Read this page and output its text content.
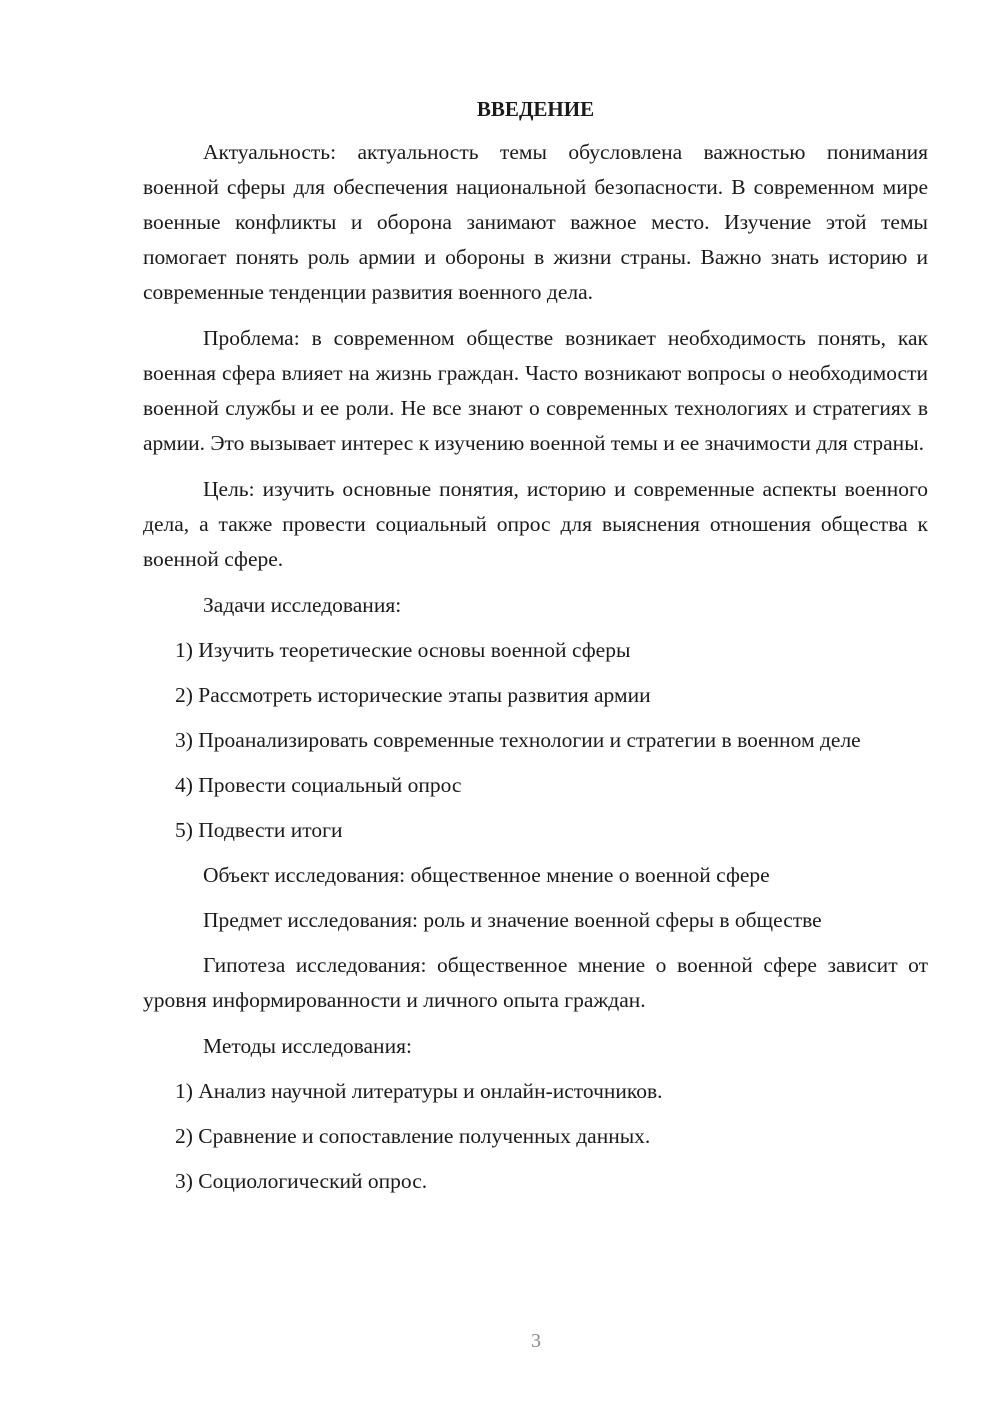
ВВЕДЕНИЕ

Актуальность: актуальность темы обусловлена важностью понимания военной сферы для обеспечения национальной безопасности. В современном мире военные конфликты и оборона занимают важное место. Изучение этой темы помогает понять роль армии и обороны в жизни страны. Важно знать историю и современные тенденции развития военного дела.

Проблема: в современном обществе возникает необходимость понять, как военная сфера влияет на жизнь граждан. Часто возникают вопросы о необходимости военной службы и ее роли. Не все знают о современных технологиях и стратегиях в армии. Это вызывает интерес к изучению военной темы и ее значимости для страны.

Цель: изучить основные понятия, историю и современные аспекты военного дела, а также провести социальный опрос для выяснения отношения общества к военной сфере.

Задачи исследования:
1) Изучить теоретические основы военной сферы
2) Рассмотреть исторические этапы развития армии
3) Проанализировать современные технологии и стратегии в военном деле
4) Провести социальный опрос
5) Подвести итоги
Объект исследования: общественное мнение о военной сфере
Предмет исследования: роль и значение военной сферы в обществе

Гипотеза исследования: общественное мнение о военной сфере зависит от уровня информированности и личного опыта граждан.

Методы исследования:
1) Анализ научной литературы и онлайн-источников.
2) Сравнение и сопоставление полученных данных.
3) Социологический опрос.
3
